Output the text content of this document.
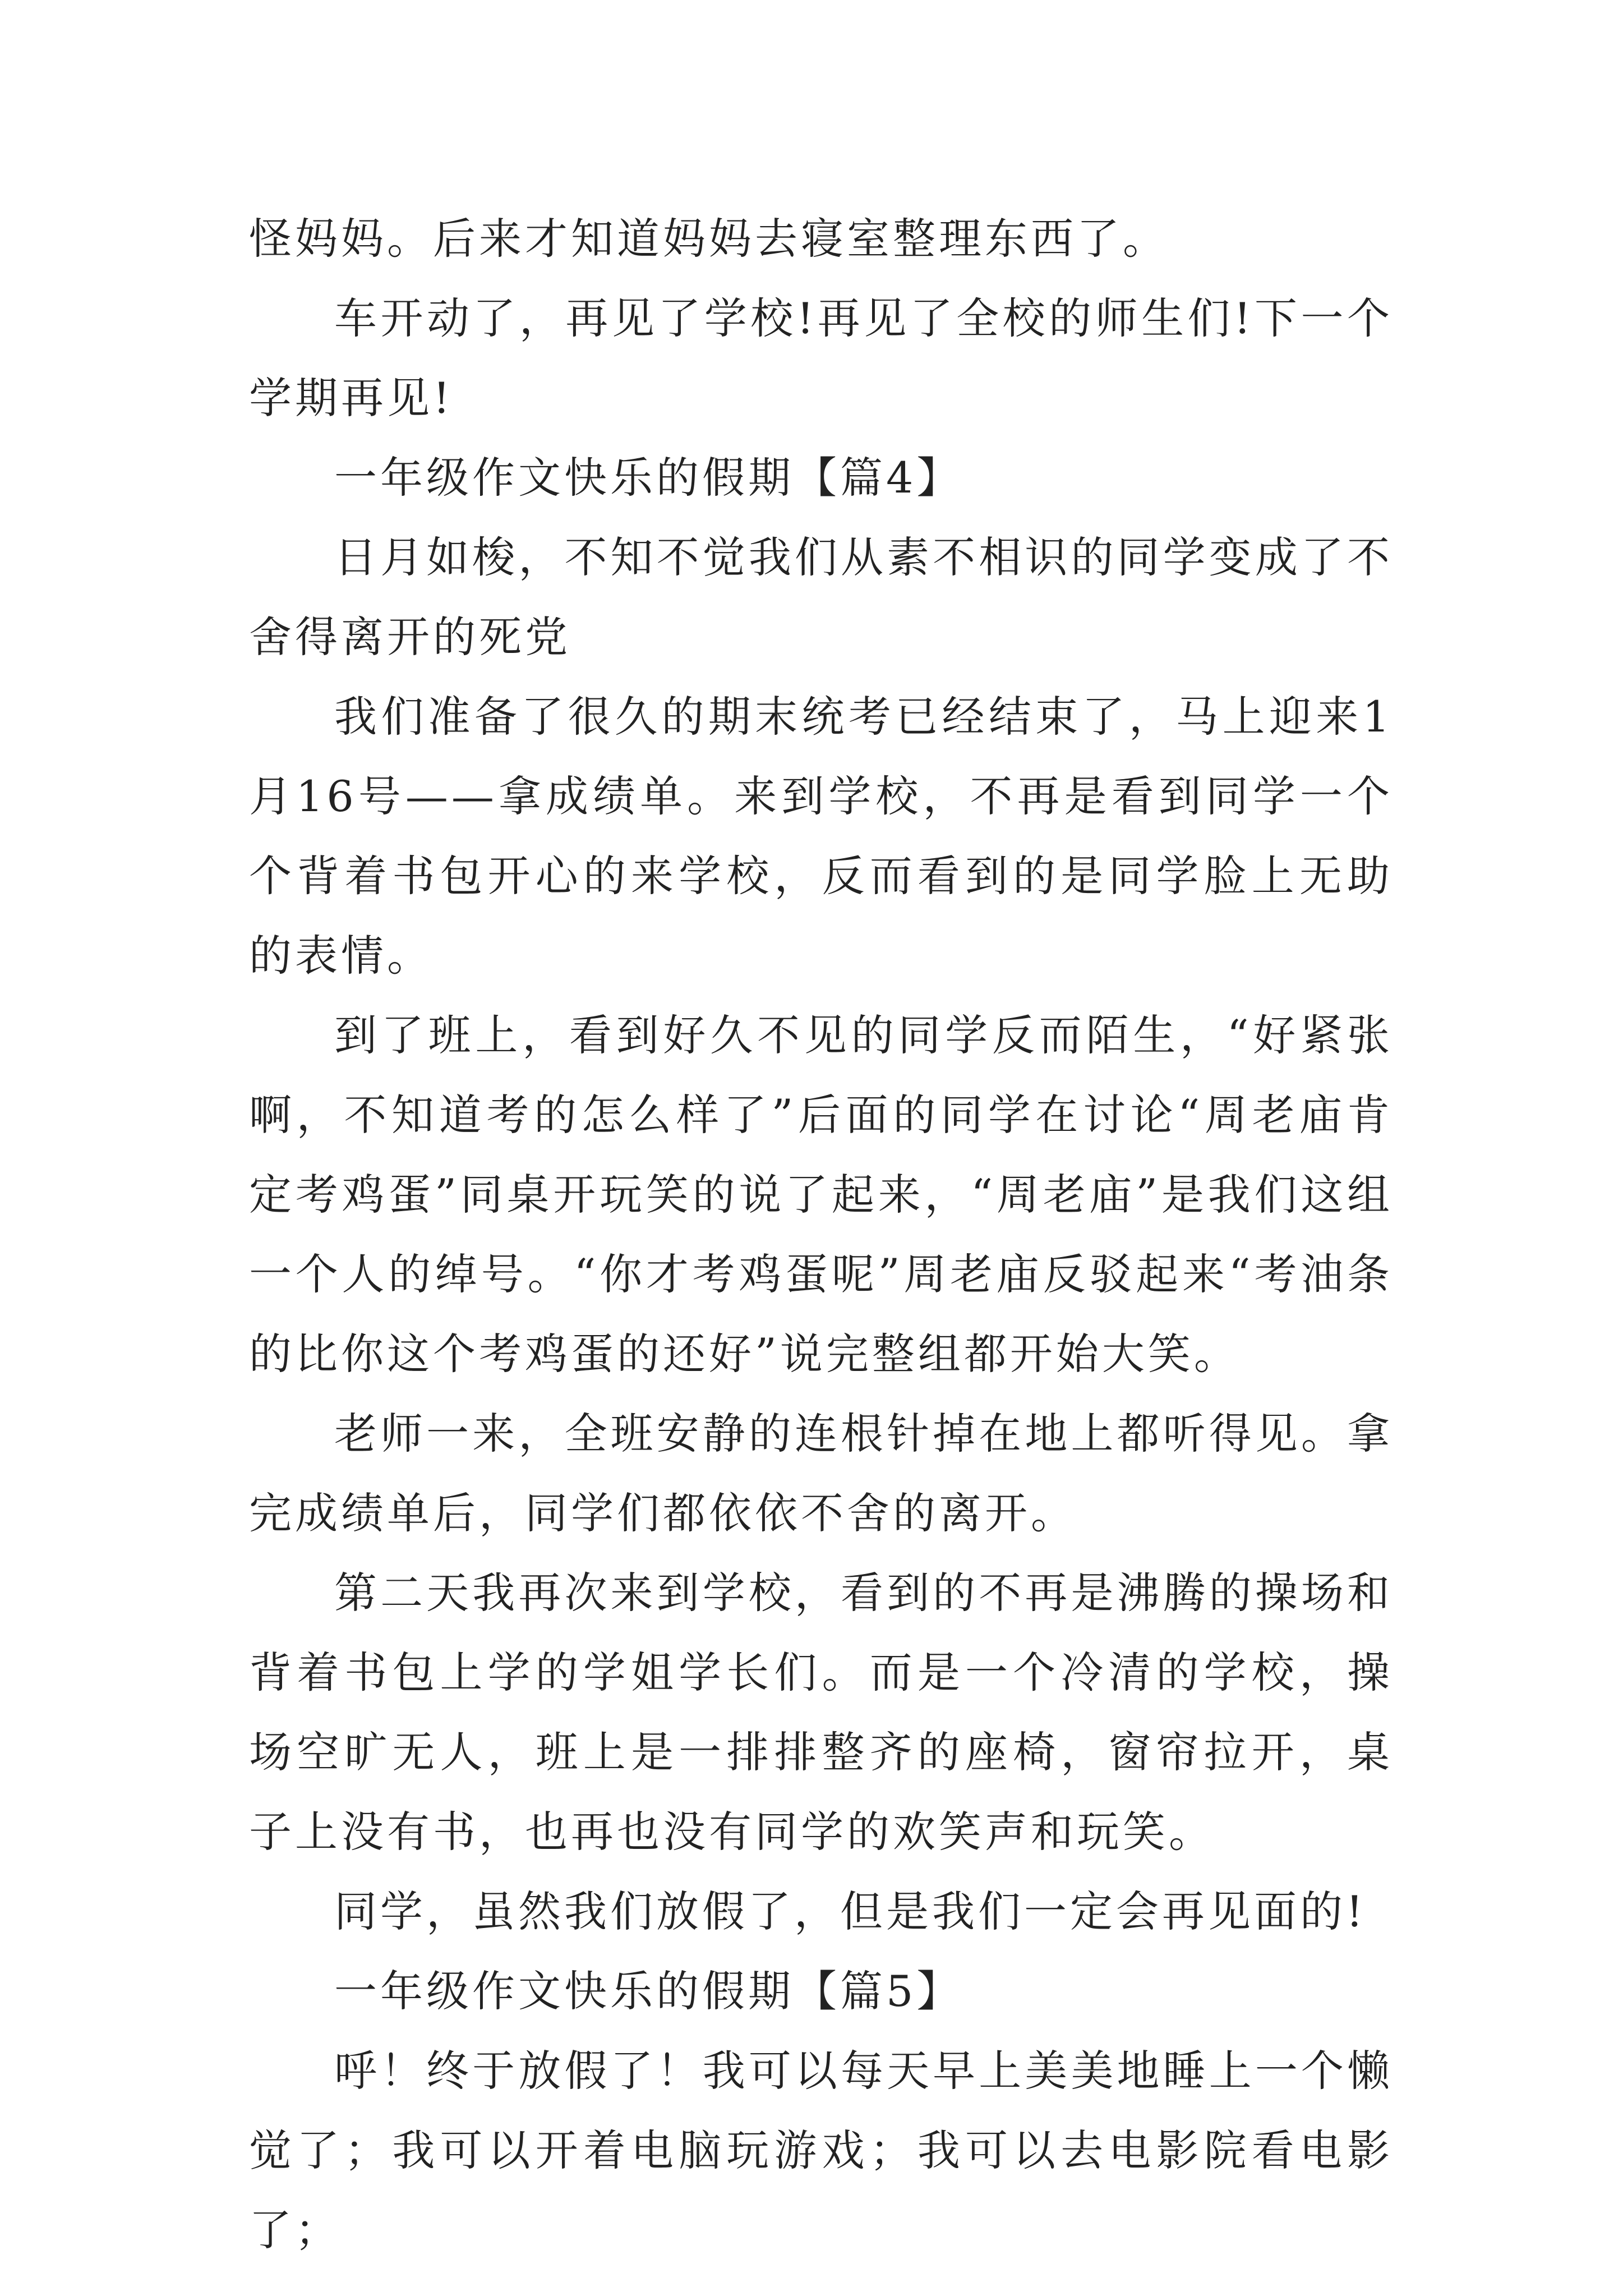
怪妈妈。后来才知道妈妈去寝室整理东西了。

车开动了，再见了学校!再见了全校的师生们!下一个学期再见!

一年级作文快乐的假期【篇4】

日月如梭，不知不觉我们从素不相识的同学变成了不舍得离开的死党

我们准备了很久的期末统考已经结束了，马上迎来1月16号——拿成绩单。来到学校，不再是看到同学一个个背着书包开心的来学校，反而看到的是同学脸上无助的表情。

到了班上，看到好久不见的同学反而陌生，“好紧张啊，不知道考的怎么样了”后面的同学在讨论“周老庙肯定考鸡蛋”同桌开玩笑的说了起来，“周老庙”是我们这组一个人的绰号。“你才考鸡蛋呢”周老庙反驳起来“考油条的比你这个考鸡蛋的还好”说完整组都开始大笑。

老师一来，全班安静的连根针掉在地上都听得见。拿完成绩单后，同学们都依依不舍的离开。

第二天我再次来到学校，看到的不再是沸腾的操场和背着书包上学的学姐学长们。而是一个冷清的学校，操场空旷无人，班上是一排排整齐的座椅，窗帘拉开，桌子上没有书，也再也没有同学的欢笑声和玩笑。

同学，虽然我们放假了，但是我们一定会再见面的!

一年级作文快乐的假期【篇5】

呼！终于放假了！我可以每天早上美美地睡上一个懒觉了；我可以开着电脑玩游戏；我可以去电影院看电影了；
